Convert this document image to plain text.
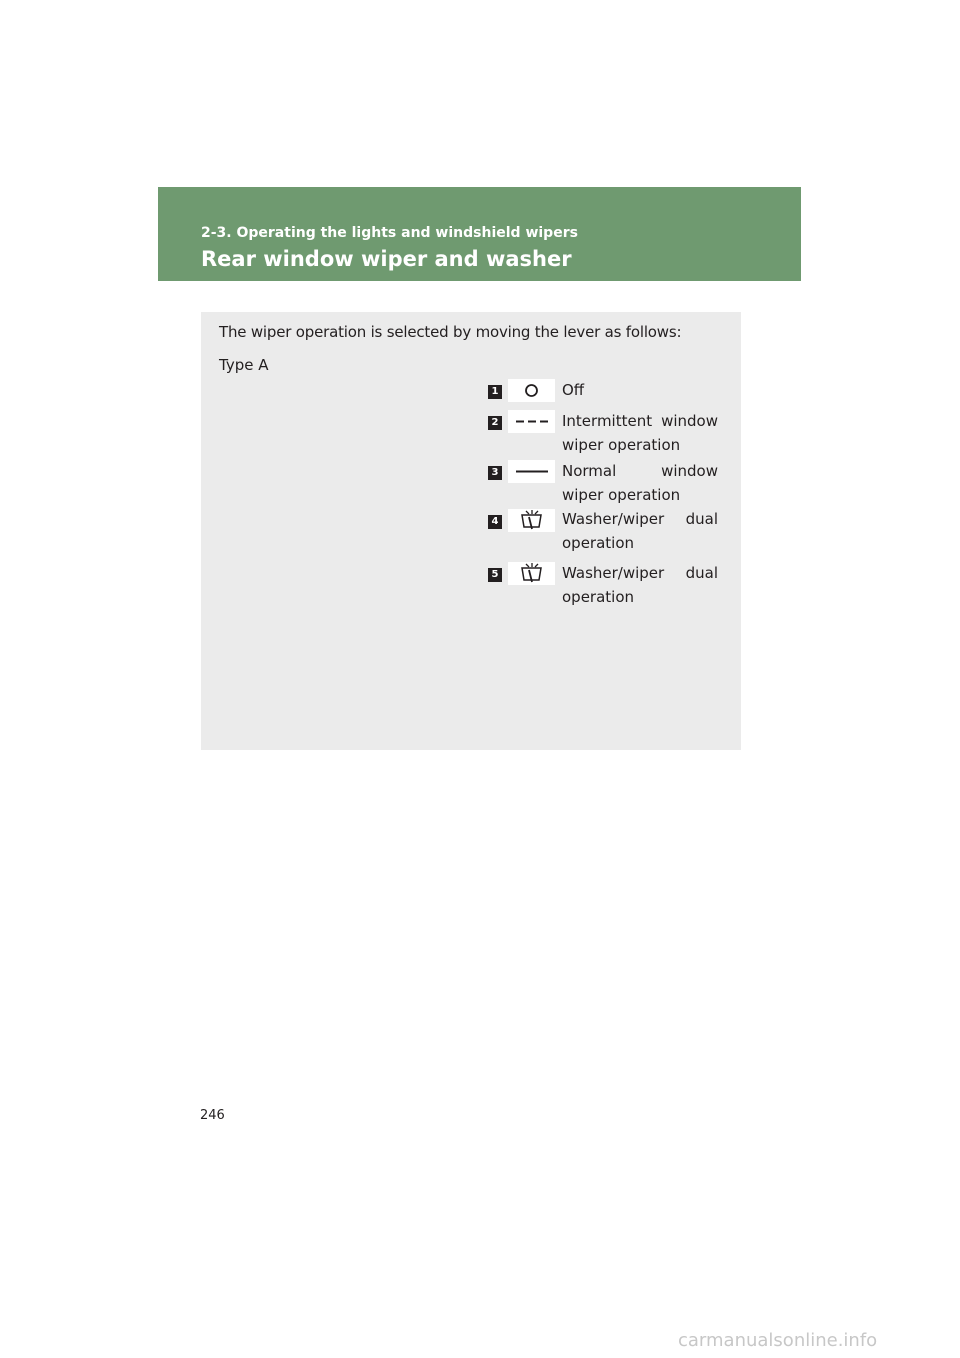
2-3. Operating the lights and windshield wipers
Rear window wiper and washer
The wiper operation is selected by moving the lever as follows:
Type A
1	Off
2	Intermittent window wiper operation
3	Normal window wiper operation
4	Washer/wiper dual operation
5	Washer/wiper dual operation
246
carmanualsonline.info
